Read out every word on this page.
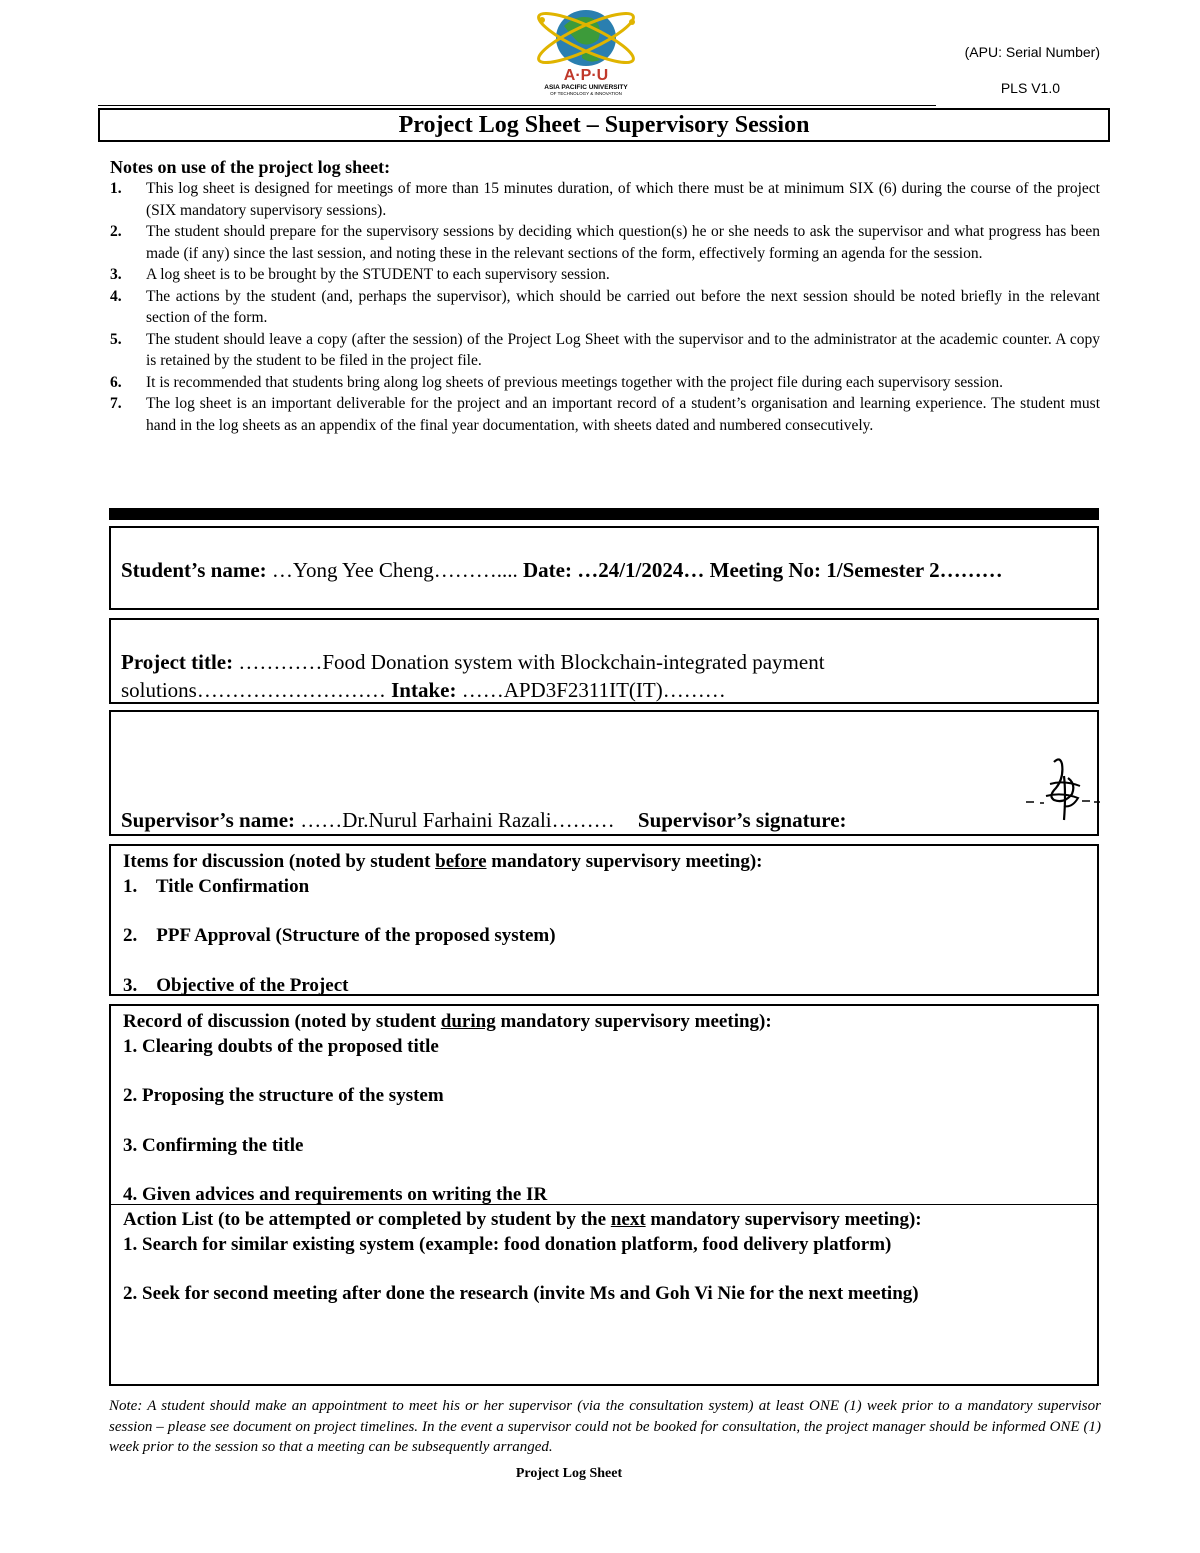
A·P·U
ASIA PACIFIC UNIVERSITY
OF TECHNOLOGY & INNOVATION
(APU: Serial Number)
PLS V1.0
Project Log Sheet – Supervisory Session
Notes on use of the project log sheet:
1. This log sheet is designed for meetings of more than 15 minutes duration, of which there must be at minimum SIX (6) during the course of the project (SIX mandatory supervisory sessions).
2. The student should prepare for the supervisory sessions by deciding which question(s) he or she needs to ask the supervisor and what progress has been made (if any) since the last session, and noting these in the relevant sections of the form, effectively forming an agenda for the session.
3. A log sheet is to be brought by the STUDENT to each supervisory session.
4. The actions by the student (and, perhaps the supervisor), which should be carried out before the next session should be noted briefly in the relevant section of the form.
5. The student should leave a copy (after the session) of the Project Log Sheet with the supervisor and to the administrator at the academic counter. A copy is retained by the student to be filed in the project file.
6. It is recommended that students bring along log sheets of previous meetings together with the project file during each supervisory session.
7. The log sheet is an important deliverable for the project and an important record of a student’s organisation and learning experience. The student must hand in the log sheets as an appendix of the final year documentation, with sheets dated and numbered consecutively.
Student’s name: …Yong Yee Cheng……….... Date: …24/1/2024… Meeting No: 1/Semester 2………
Project title: …………Food Donation system with Blockchain-integrated payment solutions……………………… Intake: ……APD3F2311IT(IT)………
Supervisor’s name: ……Dr.Nurul Farhaini Razali……… Supervisor’s signature:

Items for discussion (noted by student before mandatory supervisory meeting):

1.    Title Confirmation

2.    PPF Approval (Structure of the proposed system)

3.    Objective of the Project

Record of discussion (noted by student during mandatory supervisory meeting):

1. Clearing doubts of the proposed title

2. Proposing the structure of the system

3. Confirming the title

4. Given advices and requirements on writing the IR

Action List (to be attempted or completed by student by the next mandatory supervisory meeting):

1. Search for similar existing system (example: food donation platform, food delivery platform)

2. Seek for second meeting after done the research (invite Ms and Goh Vi Nie for the next meeting)

Note: A student should make an appointment to meet his or her supervisor (via the consultation system) at least ONE (1) week prior to a mandatory supervisor session – please see document on project timelines. In the event a supervisor could not be booked for consultation, the project manager should be informed ONE (1) week prior to the session so that a meeting can be subsequently arranged.
Project Log Sheet
